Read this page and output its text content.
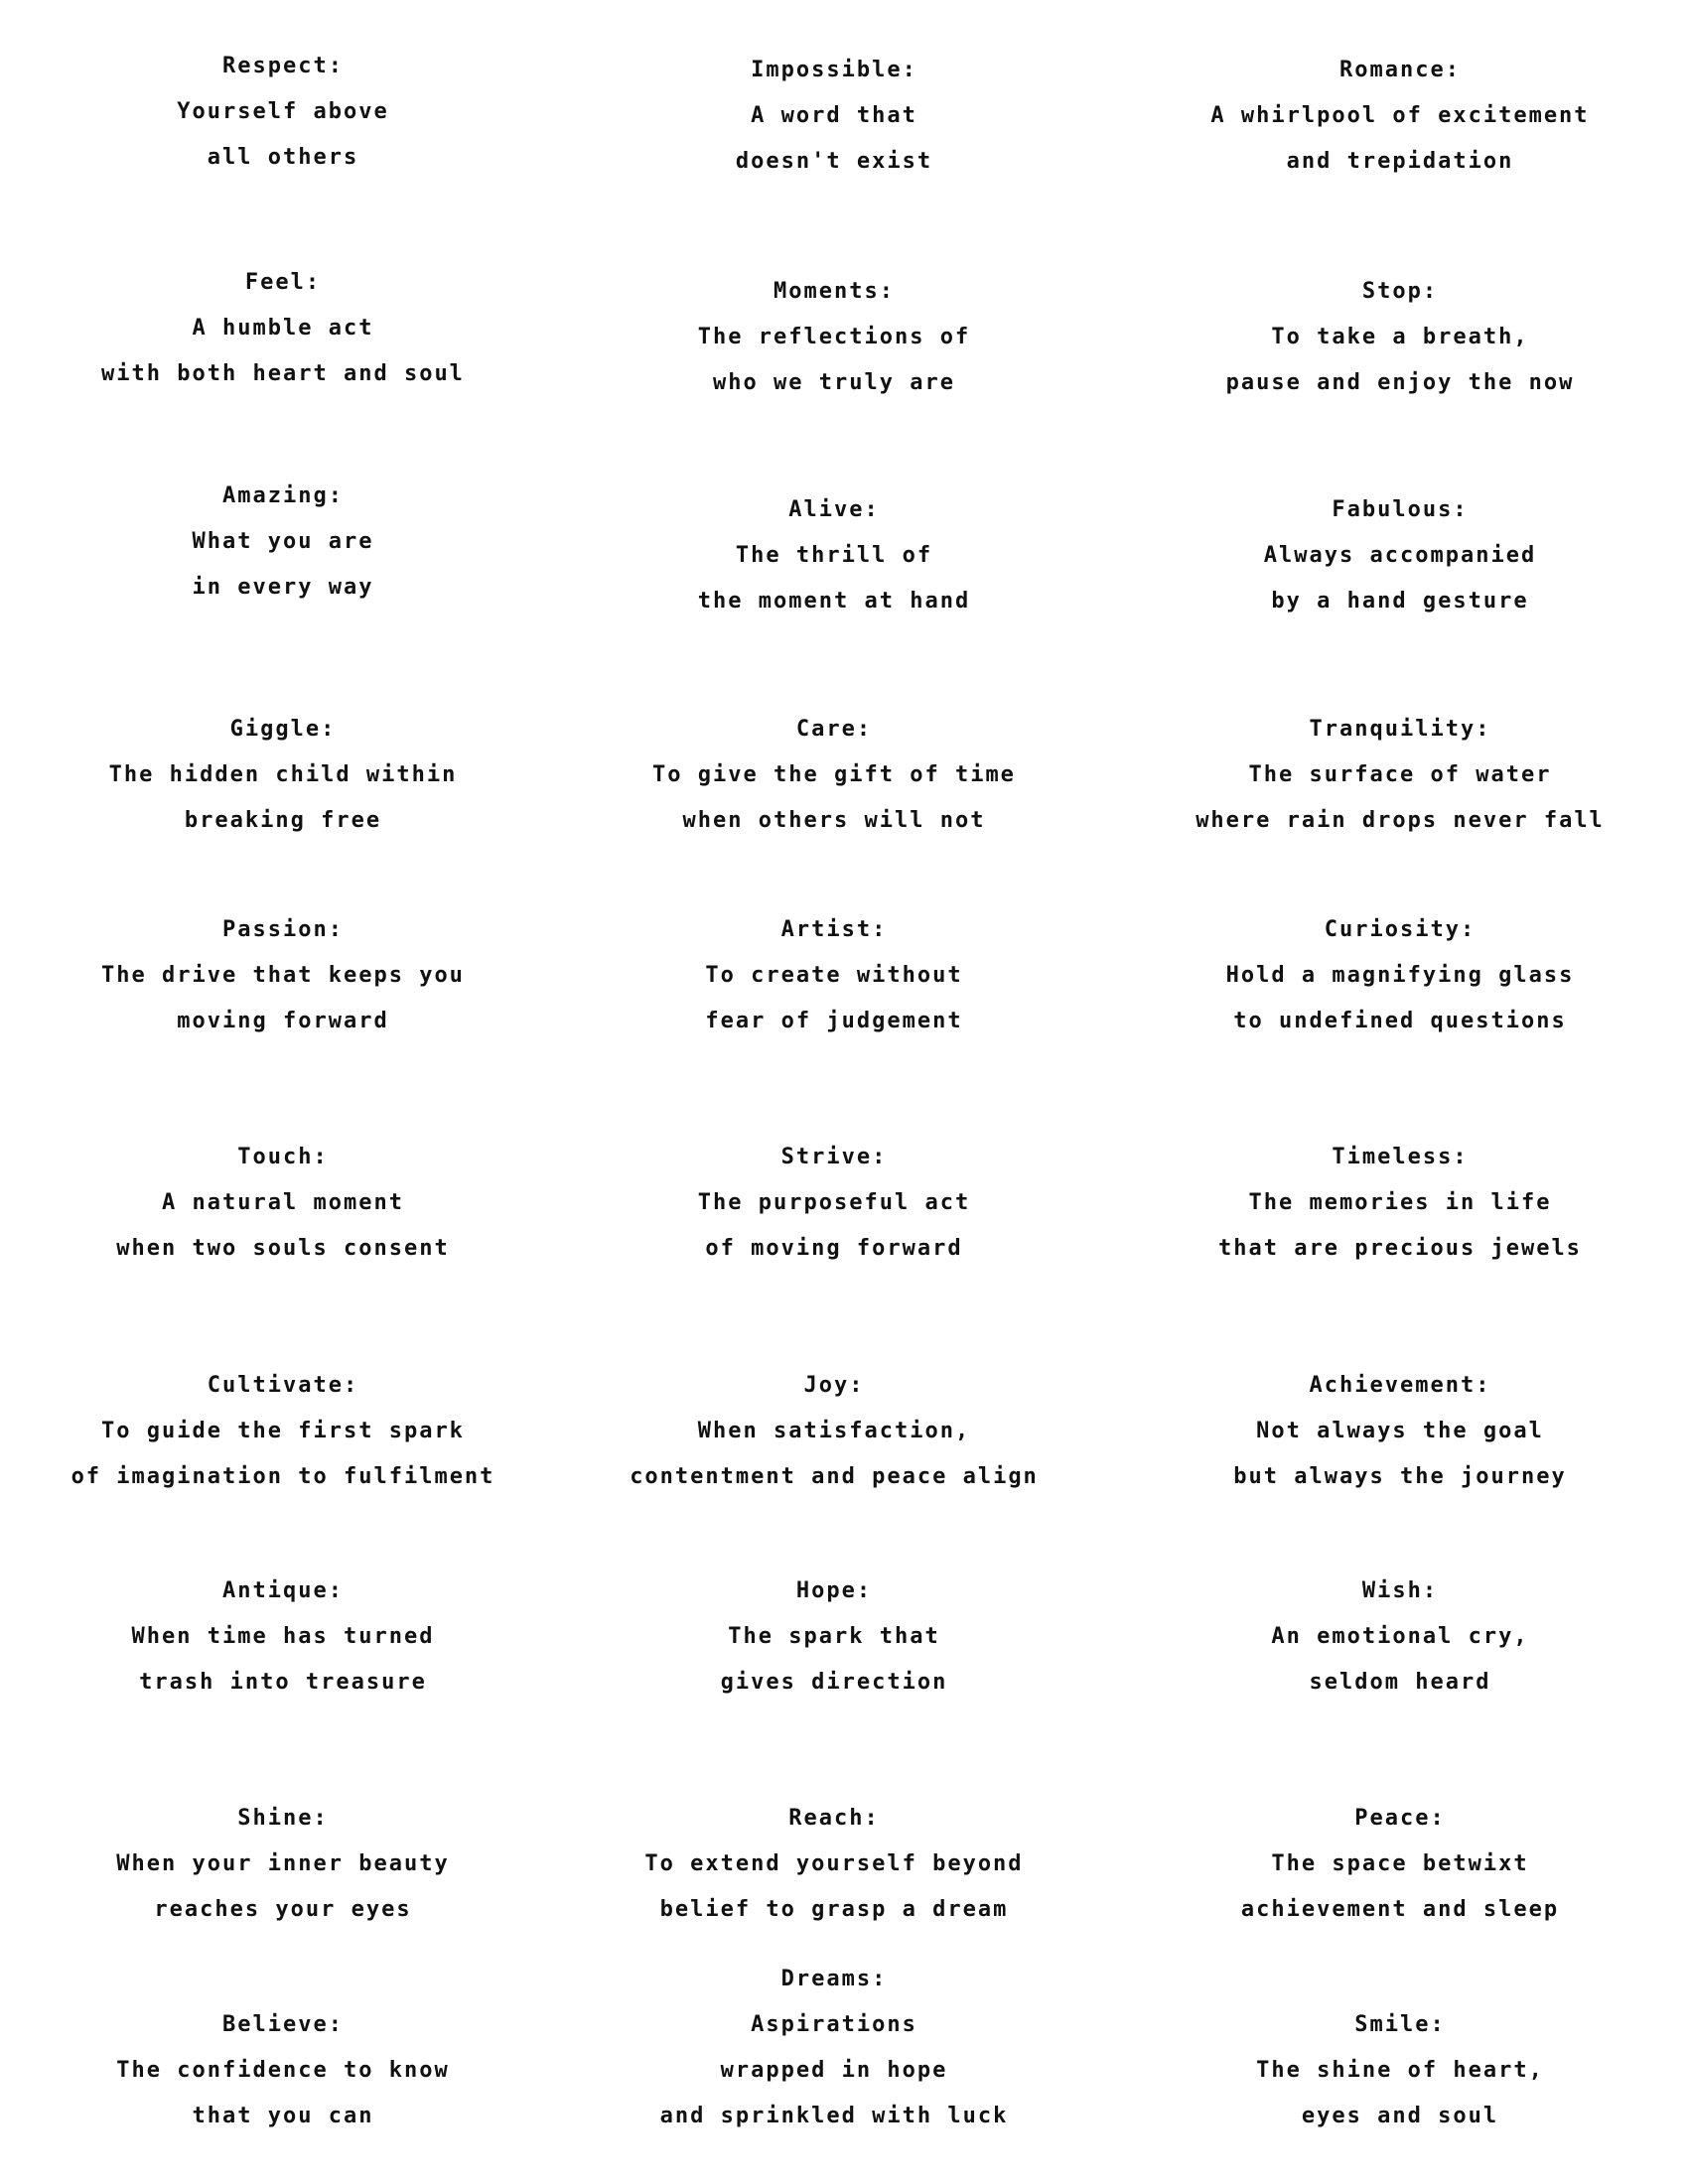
Respect:
Yourself above
all others
Impossible:
A word that
doesn't exist
Romance:
A whirlpool of excitement
and trepidation
Feel:
A humble act
with both heart and soul
Moments:
The reflections of
who we truly are
Stop:
To take a breath,
pause and enjoy the now
Amazing:
What you are
in every way
Alive:
The thrill of
the moment at hand
Fabulous:
Always accompanied
by a hand gesture
Giggle:
The hidden child within
breaking free
Care:
To give the gift of time
when others will not
Tranquility:
The surface of water
where rain drops never fall
Passion:
The drive that keeps you
moving forward
Artist:
To create without
fear of judgement
Curiosity:
Hold a magnifying glass
to undefined questions
Touch:
A natural moment
when two souls consent
Strive:
The purposeful act
of moving forward
Timeless:
The memories in life
that are precious jewels
Cultivate:
To guide the first spark
of imagination to fulfilment
Joy:
When satisfaction,
contentment and peace align
Achievement:
Not always the goal
but always the journey
Antique:
When time has turned
trash into treasure
Hope:
The spark that
gives direction
Wish:
An emotional cry,
seldom heard
Shine:
When your inner beauty
reaches your eyes
Reach:
To extend yourself beyond
belief to grasp a dream
Peace:
The space betwixt
achievement and sleep
Believe:
The confidence to know
that you can
Dreams:
Aspirations
wrapped in hope
and sprinkled with luck
Smile:
The shine of heart,
eyes and soul
